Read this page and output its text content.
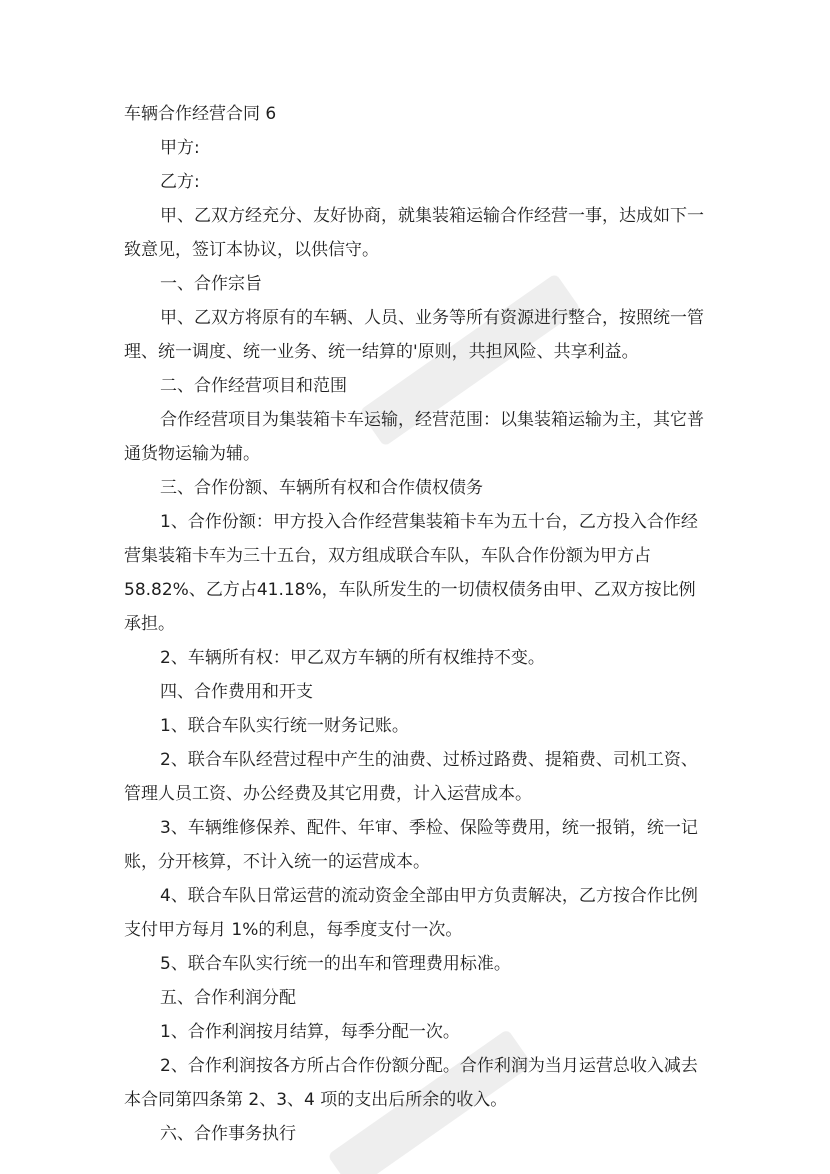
车辆合作经营合同 6

甲方:

乙方:

甲、乙双方经充分、友好协商，就集装箱运输合作经营一事，达成如下一致意见，签订本协议，以供信守。

一、合作宗旨

甲、乙双方将原有的车辆、人员、业务等所有资源进行整合，按照统一管理、统一调度、统一业务、统一结算的'原则，共担风险、共享利益。

二、合作经营项目和范围

合作经营项目为集装箱卡车运输，经营范围：以集装箱运输为主，其它普通货物运输为辅。

三、合作份额、车辆所有权和合作债权债务

1、合作份额：甲方投入合作经营集装箱卡车为五十台，乙方投入合作经营集装箱卡车为三十五台，双方组成联合车队，车队合作份额为甲方占58.82%、乙方占41.18%，车队所发生的一切债权债务由甲、乙双方按比例承担。

2、车辆所有权：甲乙双方车辆的所有权维持不变。

四、合作费用和开支

1、联合车队实行统一财务记账。

2、联合车队经营过程中产生的油费、过桥过路费、提箱费、司机工资、管理人员工资、办公经费及其它用费，计入运营成本。

3、车辆维修保养、配件、年审、季检、保险等费用，统一报销，统一记账，分开核算，不计入统一的运营成本。

4、联合车队日常运营的流动资金全部由甲方负责解决，乙方按合作比例支付甲方每月 1%的利息，每季度支付一次。

5、联合车队实行统一的出车和管理费用标准。

五、合作利润分配

1、合作利润按月结算，每季分配一次。

2、合作利润按各方所占合作份额分配。合作利润为当月运营总收入减去本合同第四条第 2、3、4 项的支出后所余的收入。

六、合作事务执行
